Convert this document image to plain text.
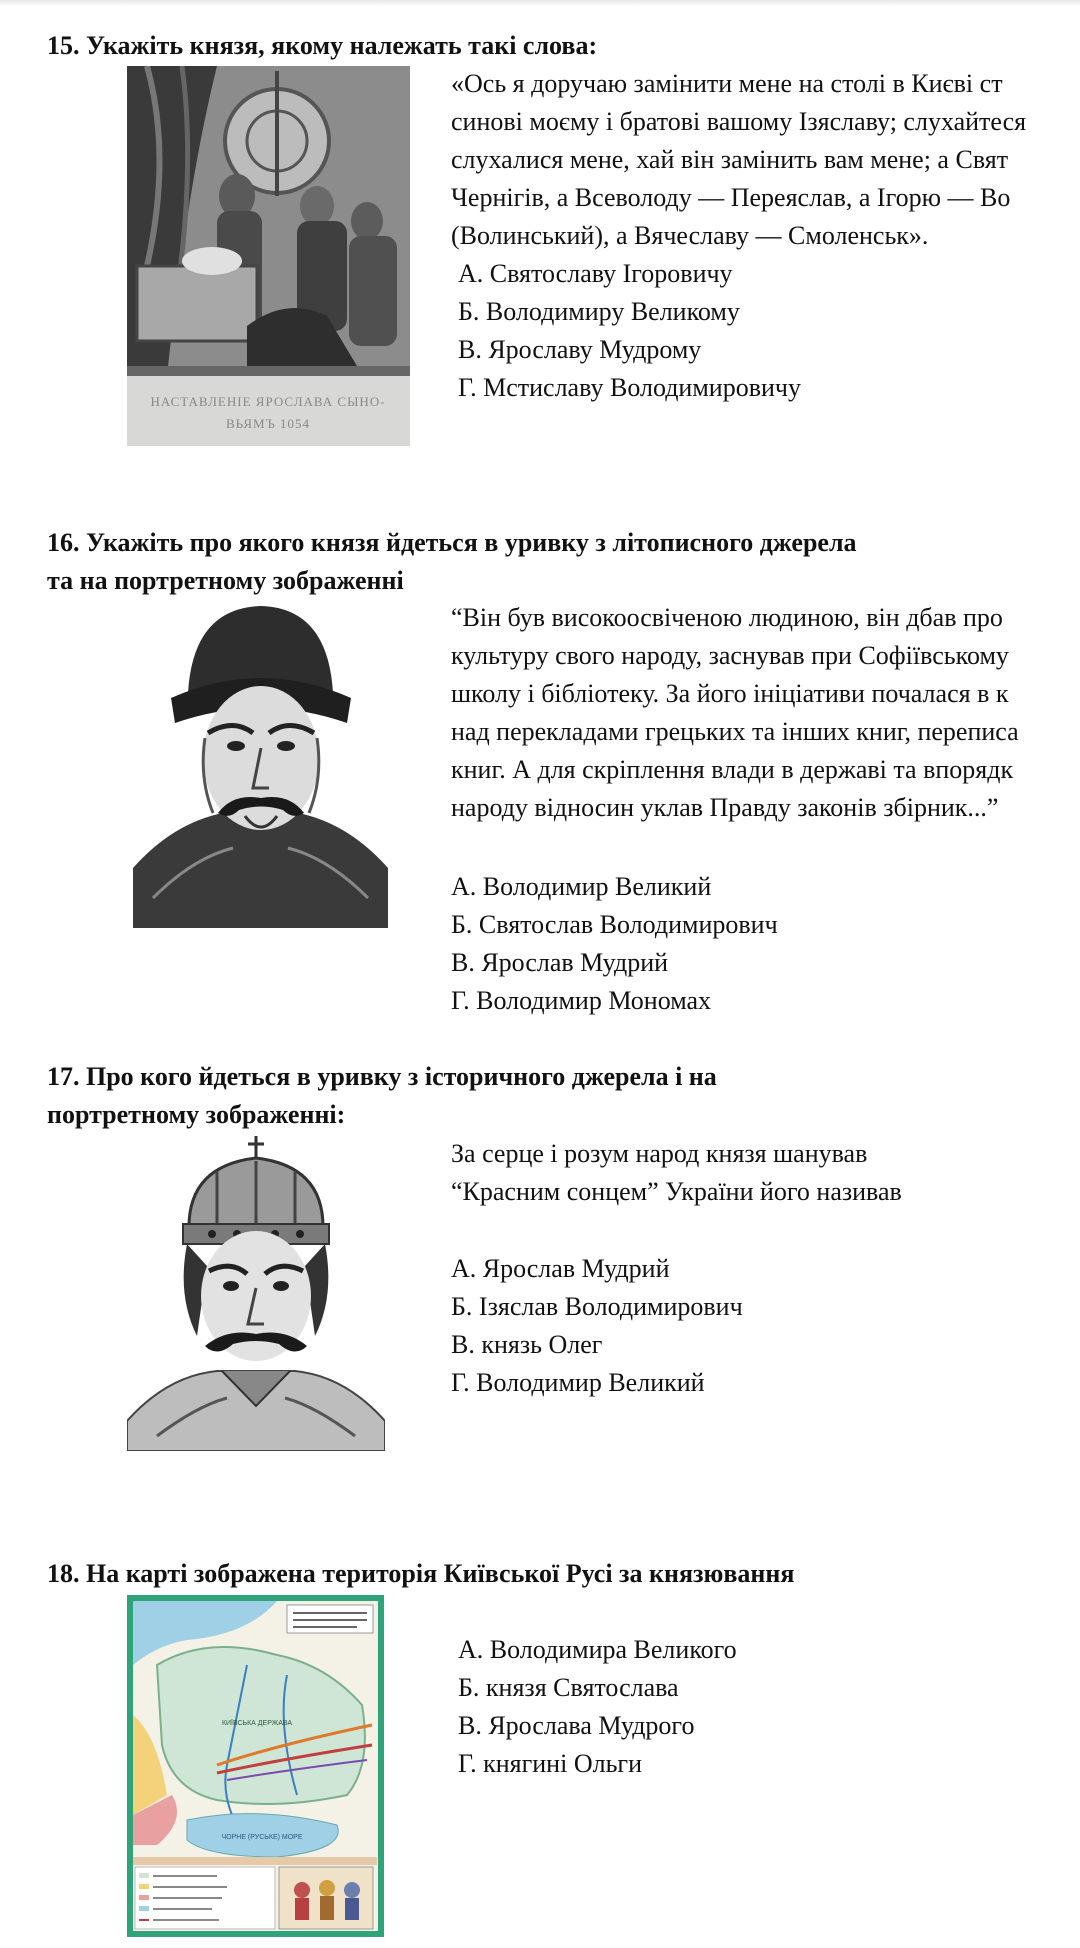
15. Укажіть князя, якому належать такі слова:
НАСТАВЛЕНІЕ ЯРОСЛАВА СЫНО-
ВЬЯМЪ 1054
«Ось я доручаю замінити мене на столі в Києві ст
синові моєму і братові вашому Ізяславу; слухайтеся
слухалися мене, хай він замінить вам мене; а Свят
Чернігів, а Всеволоду — Переяслав, а Ігорю — Во
(Волинський), а Вячеславу — Смоленськ».
А. Святославу Ігоровичу
Б. Володимиру Великому
В. Ярославу Мудрому
Г. Мстиславу Володимировичу
16. Укажіть про якого князя йдеться в уривку з літописного джерела
та на портретному зображенні
“Він був високоосвіченою людиною, він дбав про
культуру свого народу, заснував при Софіївському
школу і бібліотеку. За його ініціативи почалася в к
над перекладами грецьких та інших книг, переписа
книг. А для скріплення влади в державі та впорядк
народу відносин уклав Правду законів збірник...”
А. Володимир Великий
Б. Святослав Володимирович
В. Ярослав Мудрий
Г. Володимир Мономах
17. Про кого йдеться в уривку з історичного джерела і на
портретному зображенні:
За серце і розум народ князя шанував
“Красним сонцем” України його називав
А. Ярослав Мудрий
Б. Ізяслав Володимирович
В. князь Олег
Г. Володимир Великий
18. На карті зображена територія Київської Русі за князювання
ЧОРНЕ (РУСЬКЕ) МОРЕ
КИЇВСЬКА ДЕРЖАВА
А. Володимира Великого
Б. князя Святослава
В. Ярослава Мудрого
Г. княгині Ольги
